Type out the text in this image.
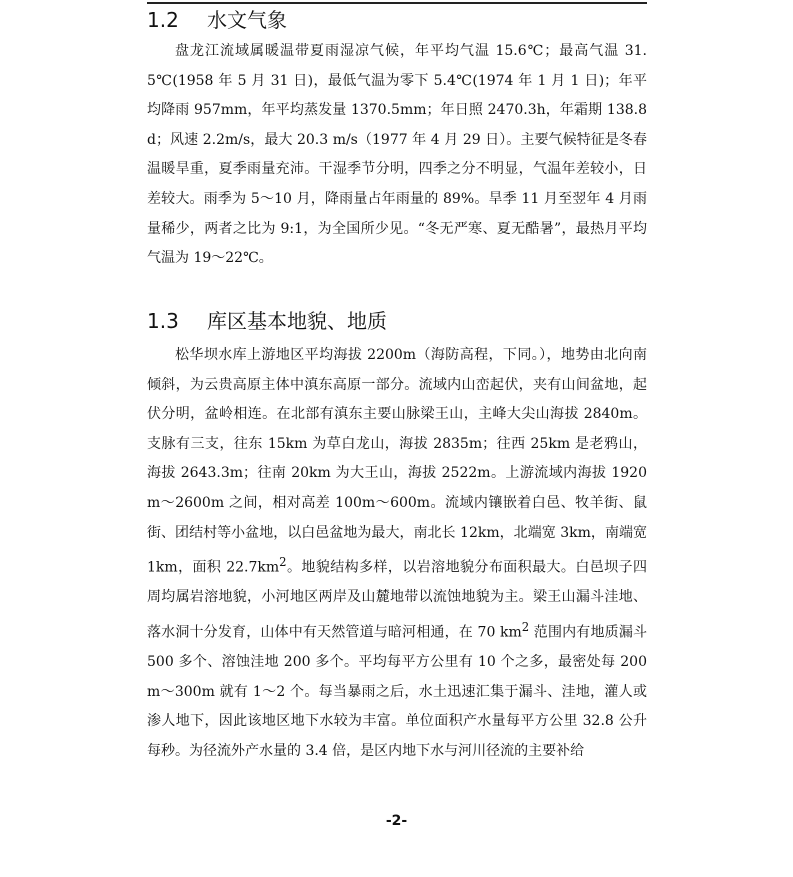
1.2 水文气象

盘龙江流域属暖温带夏雨湿凉气候，年平均气温 15.6℃；最高气温 31.5℃(1958 年 5 月 31 日)，最低气温为零下 5.4℃(1974 年 1 月 1 日)；年平均降雨 957mm，年平均蒸发量 1370.5mm；年日照 2470.3h，年霜期 138.8d；风速 2.2m/s，最大 20.3 m/s（1977 年 4 月 29 日）。主要气候特征是冬春温暖旱重，夏季雨量充沛。干湿季节分明，四季之分不明显，气温年差较小，日差较大。雨季为 5～10 月，降雨量占年雨量的 89%。旱季 11 月至翌年 4 月雨量稀少，两者之比为 9:1，为全国所少见。“冬无严寒、夏无酷暑”，最热月平均气温为 19～22℃。

1.3 库区基本地貌、地质

松华坝水库上游地区平均海拔 2200m（海防高程，下同。），地势由北向南倾斜，为云贵高原主体中滇东高原一部分。流域内山峦起伏，夹有山间盆地，起伏分明，盆岭相连。在北部有滇东主要山脉梁王山，主峰大尖山海拔 2840m。支脉有三支，往东 15km 为草白龙山，海拔 2835m；往西 25km 是老鸦山，海拔 2643.3m；往南 20km 为大王山，海拔 2522m。上游流域内海拔 1920m～2600m 之间，相对高差 100m～600m。流域内镶嵌着白邑、牧羊街、鼠街、团结村等小盆地，以白邑盆地为最大，南北长 12km，北端宽 3km，南端宽 1km，面积 $22.7km^2$。地貌结构多样，以岩溶地貌分布面积最大。白邑坝子四周均属岩溶地貌，小河地区两岸及山麓地带以流蚀地貌为主。梁王山漏斗洼地、落水洞十分发育，山体中有天然管道与暗河相通，在 70 $km^2$ 范围内有地质漏斗 500 多个、溶蚀洼地 200 多个。平均每平方公里有 10 个之多，最密处每 200m～300m 就有 1～2 个。每当暴雨之后，水土迅速汇集于漏斗、洼地，灌人或渗人地下，因此该地区地下水较为丰富。单位面积产水量每平方公里 32.8 公升每秒。为径流外产水量的 3.4 倍，是区内地下水与河川径流的主要补给

-2-
